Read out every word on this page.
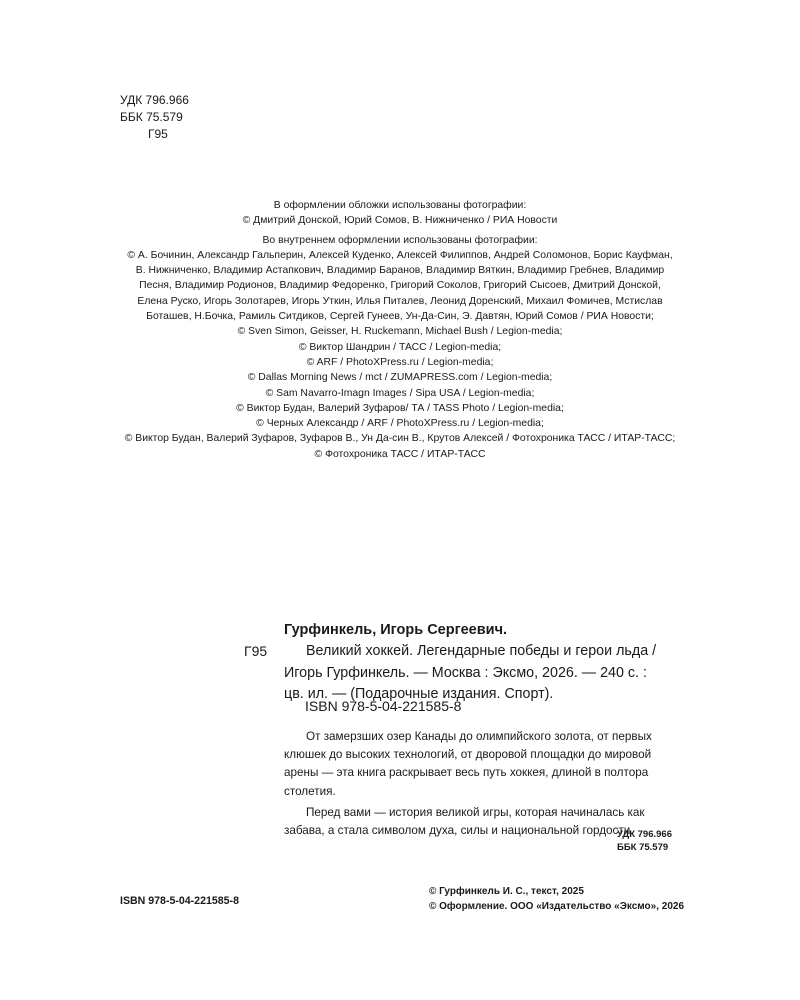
УДК 796.966
ББК 75.579
Г95
В оформлении обложки использованы фотографии:
© Дмитрий Донской, Юрий Сомов, В. Нижниченко / РИА Новости
Во внутреннем оформлении использованы фотографии:
© А. Бочинин, Александр Гальперин, Алексей Куденко, Алексей Филиппов, Андрей Соломонов, Борис Кауфман,
В. Нижниченко, Владимир Астапкович, Владимир Баранов, Владимир Вяткин, Владимир Гребнев, Владимир
Песня, Владимир Родионов, Владимир Федоренко, Григорий Соколов, Григорий Сысоев, Дмитрий Донской,
Елена Руско, Игорь Золотарев, Игорь Уткин, Илья Питалев, Леонид Доренский, Михаил Фомичев, Мстислав
Боташев, Н.Бочка, Рамиль Ситдиков, Сергей Гунеев, Ун-Да-Син, Э. Давтян, Юрий Сомов / РИА Новости;
© Sven Simon, Geisser, H. Ruckemann, Michael Bush / Legion-media;
© Виктор Шандрин / ТАСС / Legion-media;
© ARF / PhotoXPress.ru / Legion-media;
© Dallas Morning News / mct / ZUMAPRESS.com / Legion-media;
© Sam Navarro-Imagn Images / Sipa USA / Legion-media;
© Виктор Будан, Валерий Зуфаров/ ТА / TASS Photo / Legion-media;
© Черных Александр / ARF / PhotoXPress.ru / Legion-media;
© Виктор Будан, Валерий Зуфаров, Зуфаров В., Ун Да-син В., Крутов Алексей / Фотохроника ТАСС / ИТАР-ТАСС;
© Фотохроника ТАСС / ИТАР-ТАСС
Гурфинкель, Игорь Сергеевич.
Г95	Великий хоккей. Легендарные победы и герои льда /
Игорь Гурфинкель. — Москва : Эксмо, 2026. — 240 с. :
цв. ил. — (Подарочные издания. Спорт).
ISBN 978-5-04-221585-8
От замерзших озер Канады до олимпийского золота, от первых
клюшек до высоких технологий, от дворовой площадки до мировой
арены — эта книга раскрывает весь путь хоккея, длиной в полтора
столетия.
Перед вами — история великой игры, которая начиналась как
забава, а стала символом духа, силы и национальной гордости.
УДК 796.966
ББК 75.579
ISBN 978-5-04-221585-8
© Гурфинкель И. С., текст, 2025
© Оформление. ООО «Издательство «Эксмо», 2026
